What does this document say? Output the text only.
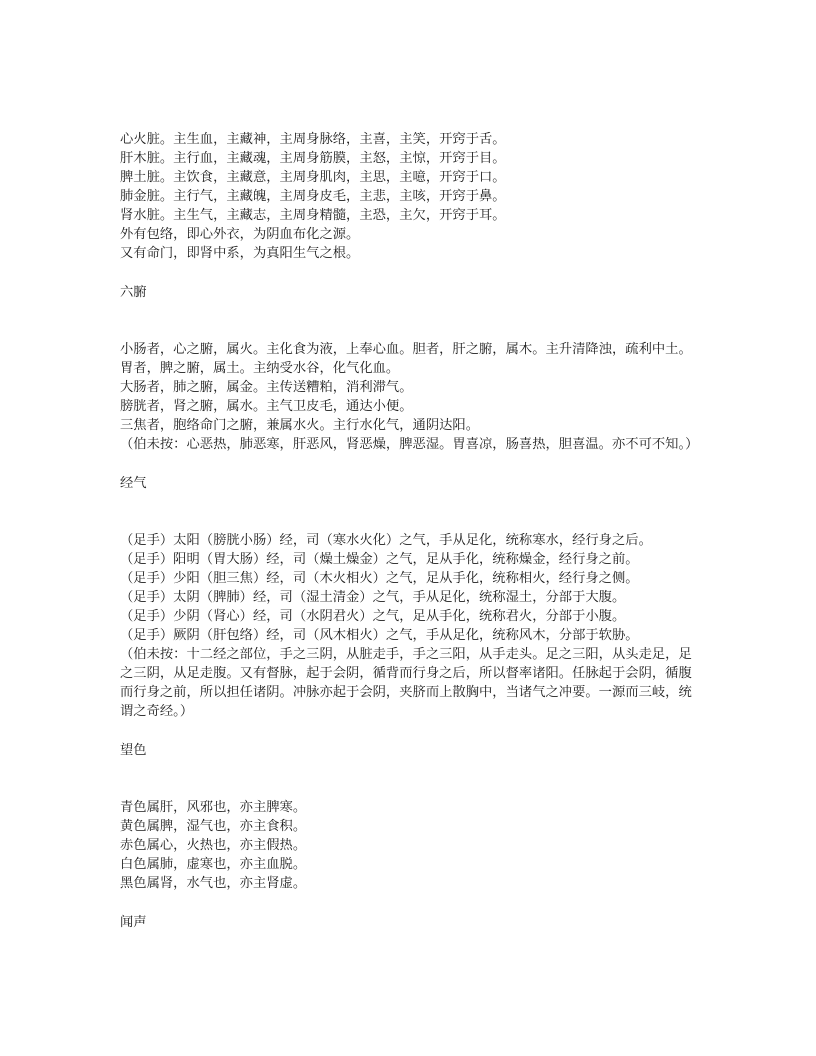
心火脏。主生血，主藏神，主周身脉络，主喜，主笑，开窍于舌。

肝木脏。主行血，主藏魂，主周身筋膜，主怒，主惊，开窍于目。

脾土脏。主饮食，主藏意，主周身肌肉，主思，主噫，开窍于口。

肺金脏。主行气，主藏魄，主周身皮毛，主悲，主咳，开窍于鼻。

肾水脏。主生气，主藏志，主周身精髓，主恐，主欠，开窍于耳。

外有包络，即心外衣，为阴血布化之源。

又有命门，即肾中系，为真阳生气之根。

六腑

小肠者，心之腑，属火。主化食为液，上奉心血。胆者，肝之腑，属木。主升清降浊，疏利中土。

胃者，脾之腑，属土。主纳受水谷，化气化血。

大肠者，肺之腑，属金。主传送糟粕，消利滞气。

膀胱者，肾之腑，属水。主气卫皮毛，通达小便。

三焦者，胞络命门之腑，兼属水火。主行水化气，通阴达阳。

（伯未按：心恶热，肺恶寒，肝恶风，肾恶燥，脾恶湿。胃喜凉，肠喜热，胆喜温。亦不可不知。）

经气

（足手）太阳（膀胱小肠）经，司（寒水火化）之气，手从足化，统称寒水，经行身之后。

（足手）阳明（胃大肠）经，司（燥土燥金）之气，足从手化，统称燥金，经行身之前。

（足手）少阳（胆三焦）经，司（木火相火）之气，足从手化，统称相火，经行身之侧。

（足手）太阴（脾肺）经，司（湿土清金）之气，手从足化，统称湿土，分部于大腹。

（足手）少阴（肾心）经，司（水阴君火）之气，足从手化，统称君火，分部于小腹。

（足手）厥阴（肝包络）经，司（风木相火）之气，手从足化，统称风木，分部于软胁。

（伯未按：十二经之部位，手之三阴，从脏走手，手之三阳，从手走头。足之三阳，从头走足，足之三阴，从足走腹。又有督脉，起于会阴，循背而行身之后，所以督率诸阳。任脉起于会阴，循腹而行身之前，所以担任诸阴。冲脉亦起于会阴，夹脐而上散胸中，当诸气之冲要。一源而三岐，统谓之奇经。）

望色

青色属肝，风邪也，亦主脾寒。

黄色属脾，湿气也，亦主食积。

赤色属心，火热也，亦主假热。

白色属肺，虚寒也，亦主血脱。

黑色属肾，水气也，亦主肾虚。

闻声
